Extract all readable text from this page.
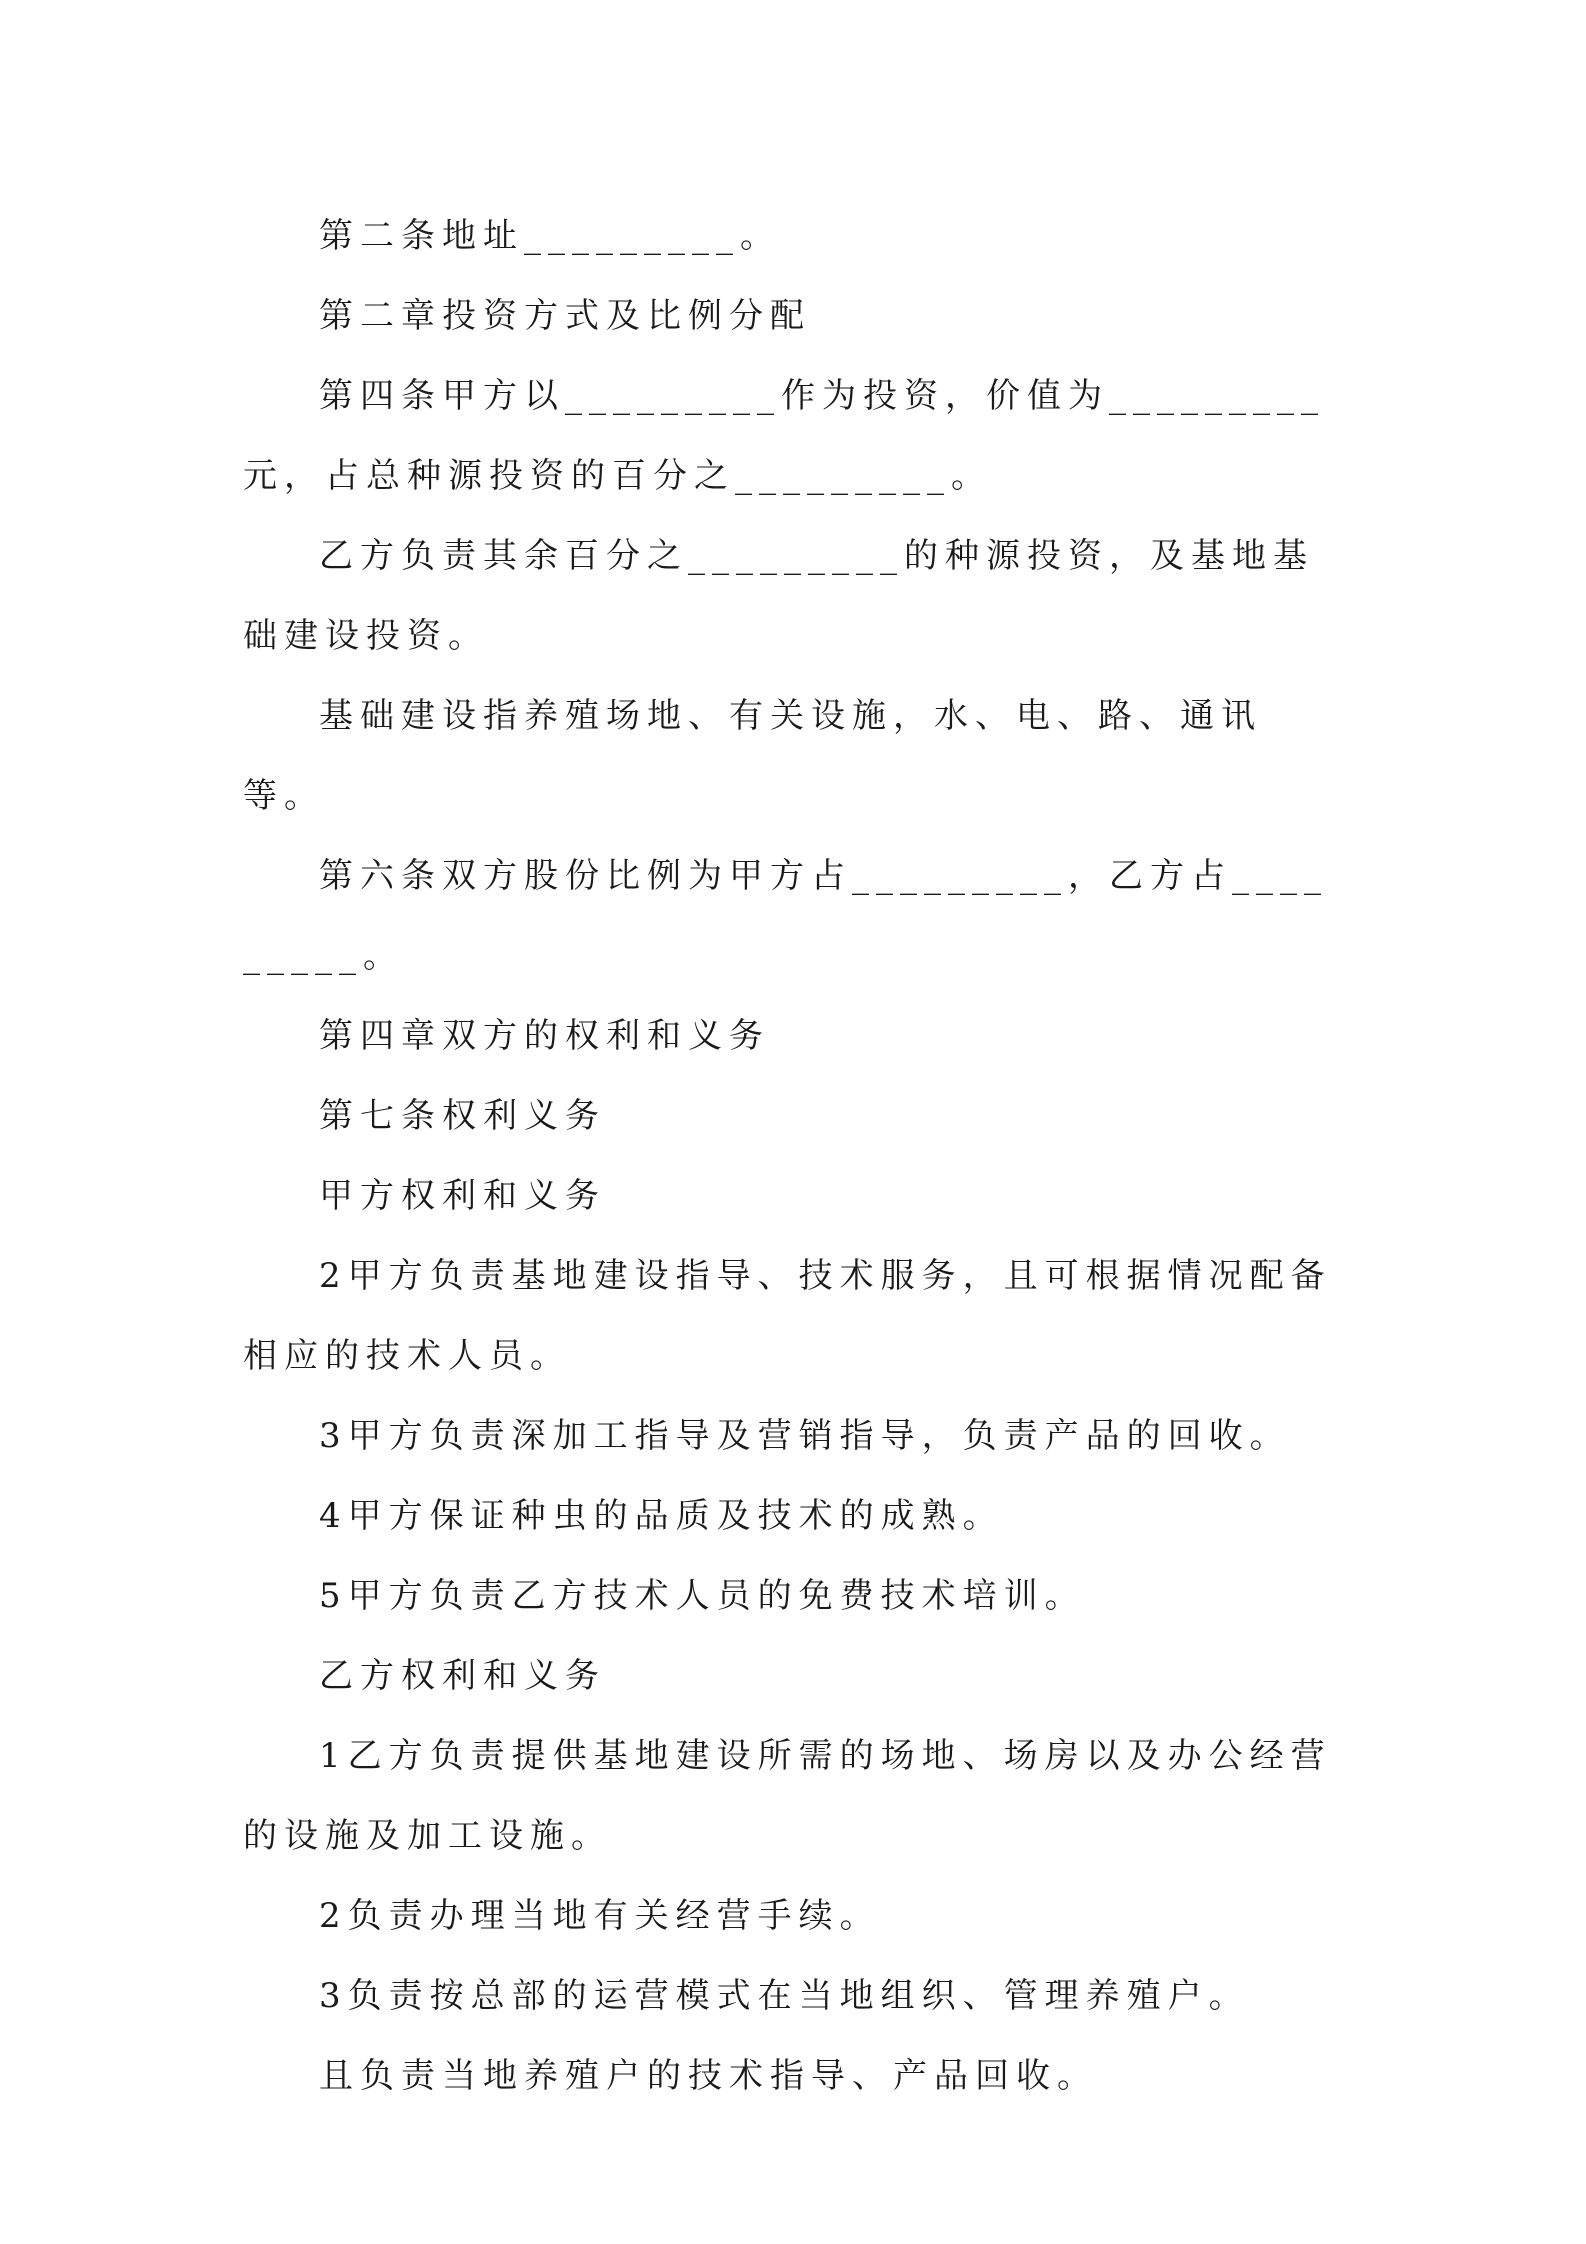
第二条地址_________。

第二章投资方式及比例分配

第四条甲方以_________作为投资，价值为_________元，占总种源投资的百分之_________。

乙方负责其余百分之_________的种源投资，及基地基础建设投资。

基础建设指养殖场地、有关设施，水、电、路、通讯等。

第六条双方股份比例为甲方占_________，乙方占_________。

第四章双方的权利和义务

第七条权利义务

甲方权利和义务

2甲方负责基地建设指导、技术服务，且可根据情况配备相应的技术人员。

3甲方负责深加工指导及营销指导，负责产品的回收。

4甲方保证种虫的品质及技术的成熟。

5甲方负责乙方技术人员的免费技术培训。

乙方权利和义务

1乙方负责提供基地建设所需的场地、场房以及办公经营的设施及加工设施。

2负责办理当地有关经营手续。

3负责按总部的运营模式在当地组织、管理养殖户。

且负责当地养殖户的技术指导、产品回收。
